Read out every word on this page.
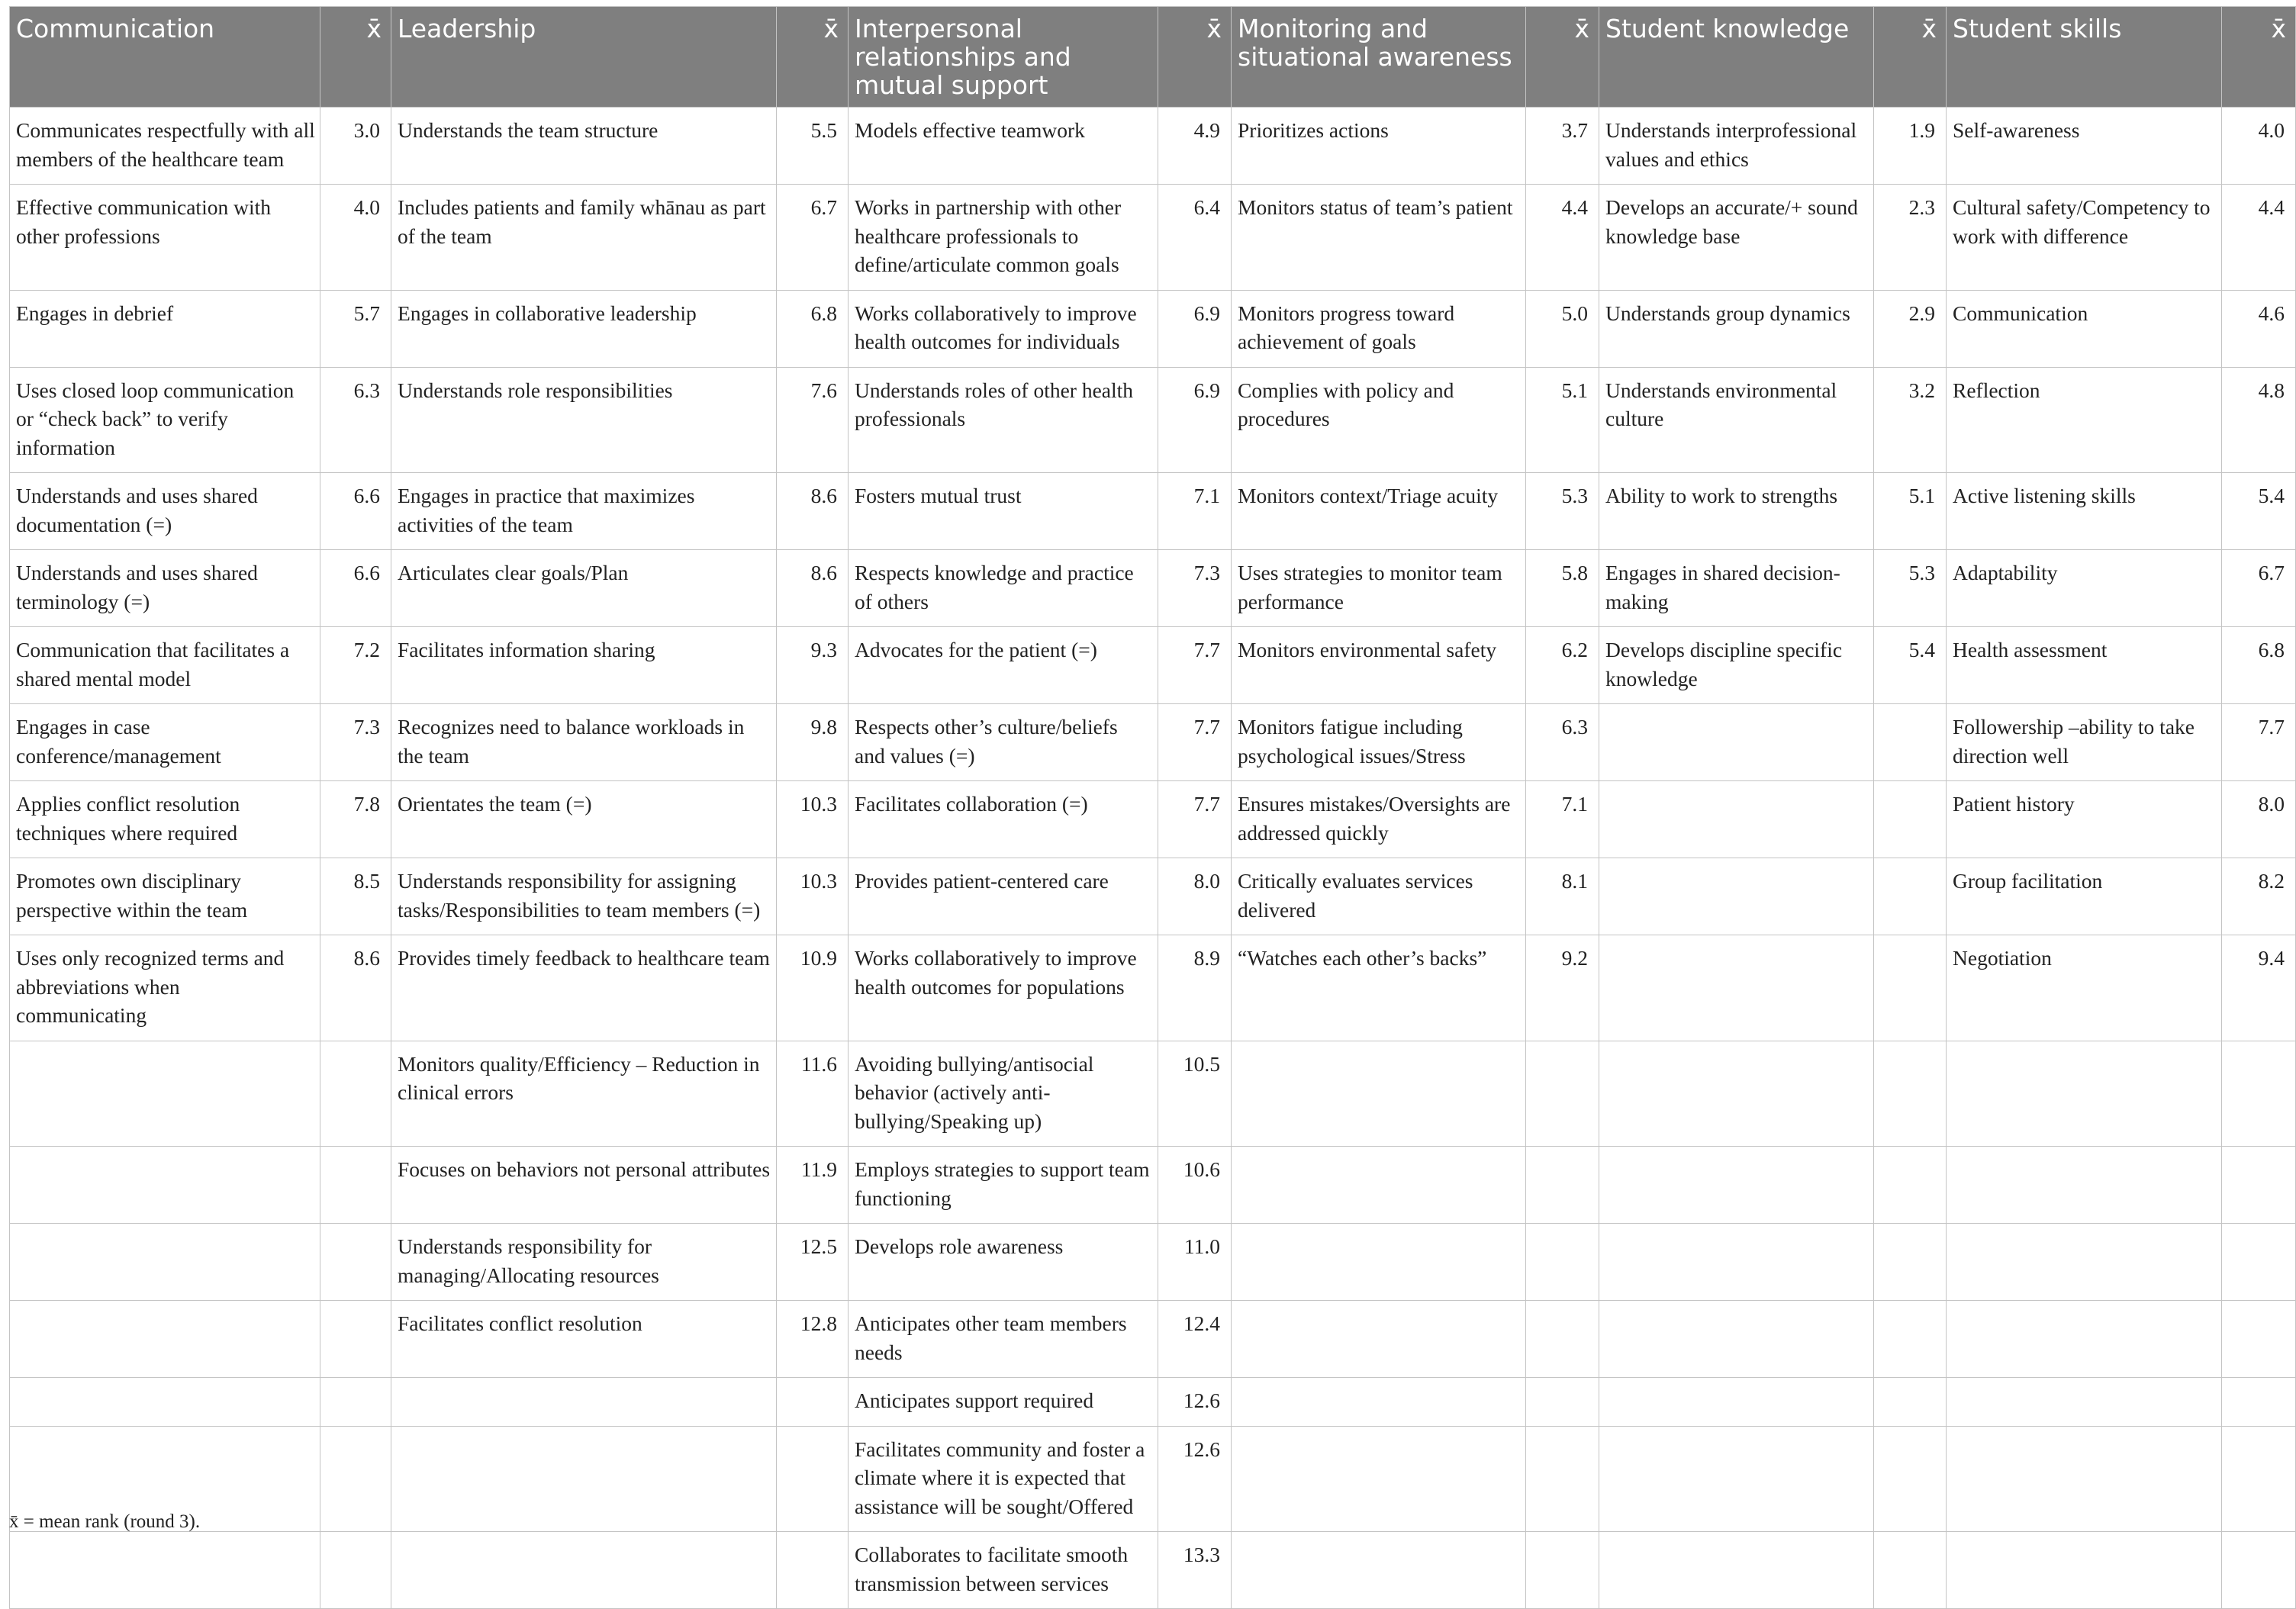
Communication	x̄	Leadership	x̄	Interpersonal relationships and mutual support	x̄	Monitoring and situational awareness	x̄	Student knowledge	x̄	Student skills	x̄
Communicates respectfully with all members of the healthcare team	3.0	Understands the team structure	5.5	Models effective teamwork	4.9	Prioritizes actions	3.7	Understands interprofessional values and ethics	1.9	Self-awareness	4.0
Effective communication with other professions	4.0	Includes patients and family whānau as part of the team	6.7	Works in partnership with other healthcare professionals to define/articulate common goals	6.4	Monitors status of team’s patient	4.4	Develops an accurate/+ sound knowledge base	2.3	Cultural safety/Competency to work with difference	4.4
Engages in debrief	5.7	Engages in collaborative leadership	6.8	Works collaboratively to improve health outcomes for individuals	6.9	Monitors progress toward achievement of goals	5.0	Understands group dynamics	2.9	Communication	4.6
Uses closed loop communication or “check back” to verify information	6.3	Understands role responsibilities	7.6	Understands roles of other health professionals	6.9	Complies with policy and procedures	5.1	Understands environmental culture	3.2	Reflection	4.8
Understands and uses shared documentation (=)	6.6	Engages in practice that maximizes activities of the team	8.6	Fosters mutual trust	7.1	Monitors context/Triage acuity	5.3	Ability to work to strengths	5.1	Active listening skills	5.4
Understands and uses shared terminology (=)	6.6	Articulates clear goals/Plan	8.6	Respects knowledge and practice of others	7.3	Uses strategies to monitor team performance	5.8	Engages in shared decision-making	5.3	Adaptability	6.7
Communication that facilitates a shared mental model	7.2	Facilitates information sharing	9.3	Advocates for the patient (=)	7.7	Monitors environmental safety	6.2	Develops discipline specific knowledge	5.4	Health assessment	6.8
Engages in case conference/management	7.3	Recognizes need to balance workloads in the team	9.8	Respects other’s culture/beliefs and values (=)	7.7	Monitors fatigue including psychological issues/Stress	6.3			Followership –ability to take direction well	7.7
Applies conflict resolution techniques where required	7.8	Orientates the team (=)	10.3	Facilitates collaboration (=)	7.7	Ensures mistakes/Oversights are addressed quickly	7.1			Patient history	8.0
Promotes own disciplinary perspective within the team	8.5	Understands responsibility for assigning tasks/Responsibilities to team members (=)	10.3	Provides patient-centered care	8.0	Critically evaluates services delivered	8.1			Group facilitation	8.2
Uses only recognized terms and abbreviations when communicating	8.6	Provides timely feedback to healthcare team	10.9	Works collaboratively to improve health outcomes for populations	8.9	“Watches each other’s backs”	9.2			Negotiation	9.4
		Monitors quality/Efficiency – Reduction in clinical errors	11.6	Avoiding bullying/antisocial behavior (actively anti-bullying/Speaking up)	10.5						
		Focuses on behaviors not personal attributes	11.9	Employs strategies to support team functioning	10.6						
		Understands responsibility for managing/Allocating resources	12.5	Develops role awareness	11.0						
		Facilitates conflict resolution	12.8	Anticipates other team members needs	12.4						
				Anticipates support required	12.6						
				Facilitates community and foster a climate where it is expected that assistance will be sought/Offered	12.6						
				Collaborates to facilitate smooth transmission between services	13.3						
x̄ = mean rank (round 3).
